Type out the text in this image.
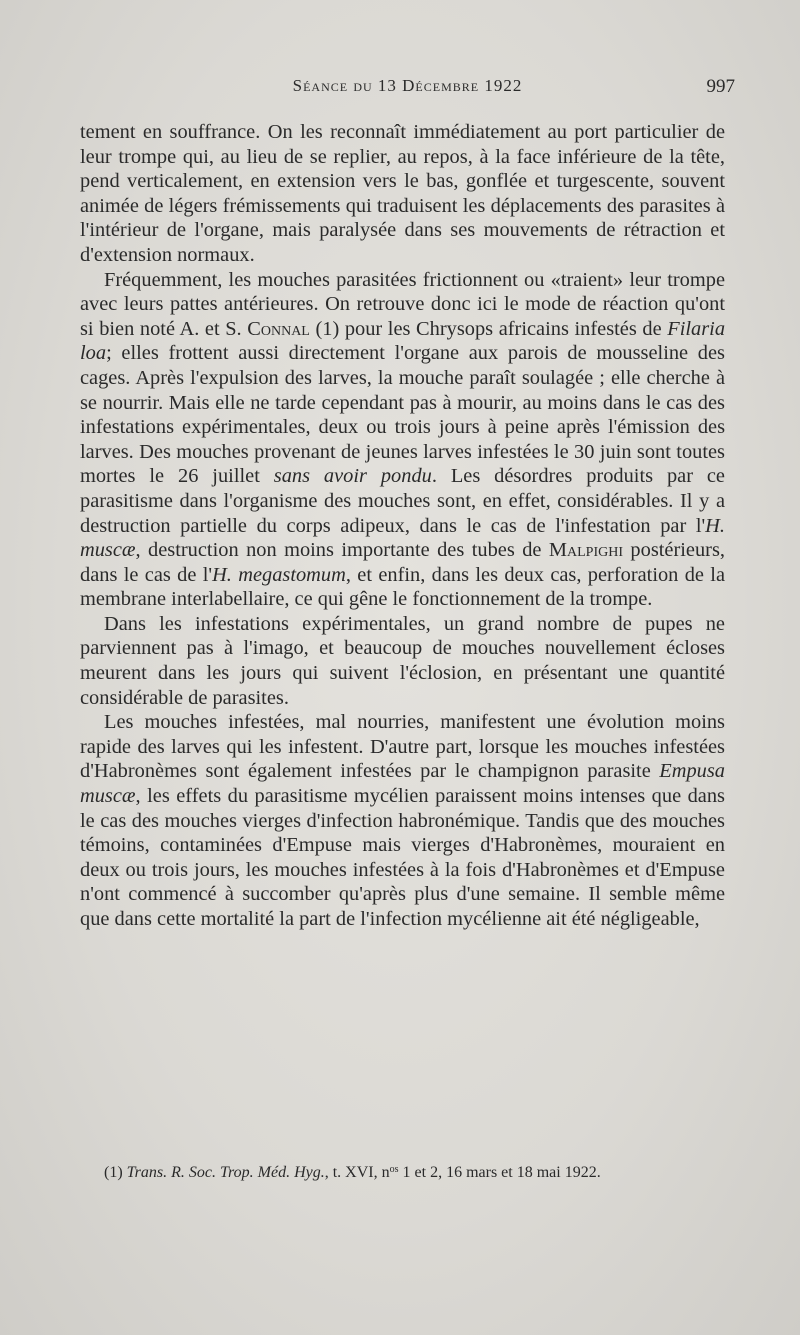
Séance du 13 Décembre 1922	997

tement en souffrance. On les reconnaît immédiatement au port particulier de leur trompe qui, au lieu de se replier, au repos, à la face inférieure de la tête, pend verticalement, en extension vers le bas, gonflée et turgescente, souvent animée de légers frémissements qui traduisent les déplacements des parasites à l'intérieur de l'organe, mais paralysée dans ses mouvements de rétraction et d'extension normaux.

Fréquemment, les mouches parasitées frictionnent ou «traient» leur trompe avec leurs pattes antérieures. On retrouve donc ici le mode de réaction qu'ont si bien noté A. et S. Connal (1) pour les Chrysops africains infestés de Filaria loa; elles frottent aussi directement l'organe aux parois de mousseline des cages. Après l'expulsion des larves, la mouche paraît soulagée ; elle cherche à se nourrir. Mais elle ne tarde cependant pas à mourir, au moins dans le cas des infestations expérimentales, deux ou trois jours à peine après l'émission des larves. Des mouches provenant de jeunes larves infestées le 30 juin sont toutes mortes le 26 juillet sans avoir pondu. Les désordres produits par ce parasitisme dans l'organisme des mouches sont, en effet, considérables. Il y a destruction partielle du corps adipeux, dans le cas de l'infestation par l'H. muscæ, destruction non moins importante des tubes de Malpighi postérieurs, dans le cas de l'H. megastomum, et enfin, dans les deux cas, perforation de la membrane interlabellaire, ce qui gêne le fonctionnement de la trompe.

Dans les infestations expérimentales, un grand nombre de pupes ne parviennent pas à l'imago, et beaucoup de mouches nouvellement écloses meurent dans les jours qui suivent l'éclosion, en présentant une quantité considérable de parasites.

Les mouches infestées, mal nourries, manifestent une évolution moins rapide des larves qui les infestent. D'autre part, lorsque les mouches infestées d'Habronèmes sont également infestées par le champignon parasite Empusa muscæ, les effets du parasitisme mycélien paraissent moins intenses que dans le cas des mouches vierges d'infection habronémique. Tandis que des mouches témoins, contaminées d'Empuse mais vierges d'Habronèmes, mouraient en deux ou trois jours, les mouches infestées à la fois d'Habronèmes et d'Empuse n'ont commencé à succomber qu'après plus d'une semaine. Il semble même que dans cette mortalité la part de l'infection mycélienne ait été négligeable,

(1) Trans. R. Soc. Trop. Méd. Hyg., t. XVI, $n^{os}$ 1 et 2, 16 mars et 18 mai 1922.
